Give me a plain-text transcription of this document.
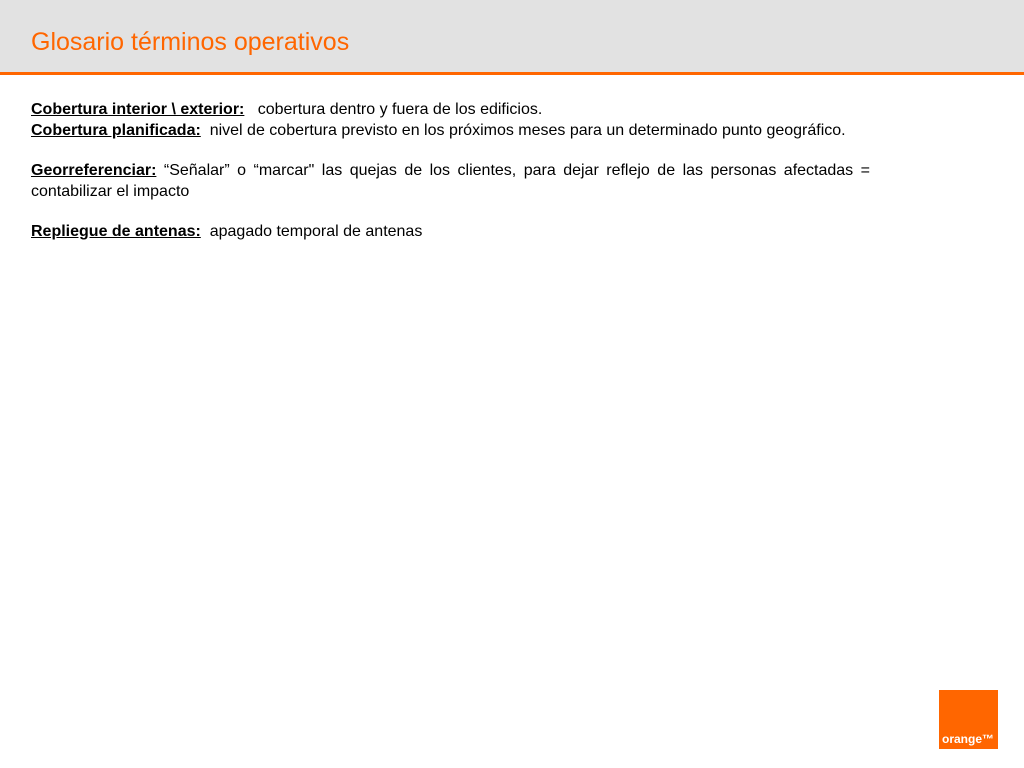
Glosario términos operativos

Cobertura interior \ exterior: cobertura dentro y fuera de los edificios.

Cobertura planificada: nivel de cobertura previsto en los próximos meses para un determinado punto geográfico.

Georreferenciar: “Señalar” o “marcar" las quejas de los clientes, para dejar reflejo de las personas afectadas = contabilizar el impacto

Repliegue de antenas: apagado temporal de antenas

orange™
